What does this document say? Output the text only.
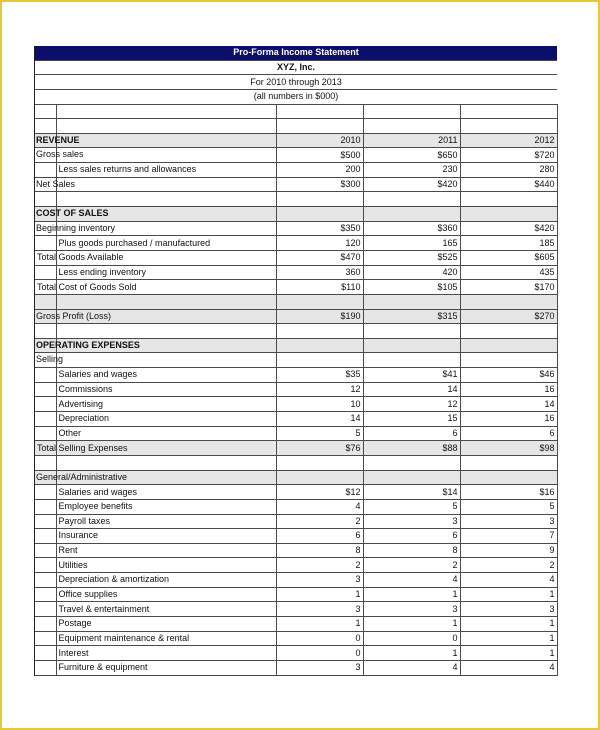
Pro-Forma Income Statement				
XYZ, Inc.				
For 2010 through 2013				
(all numbers in $000)				

REVENUE		2010	2011	2012

Gross sales		$500	$650	$720
	Less sales returns and allowances	200	230	280

Net Sales		$300	$420	$440

COST OF SALES				

Beginning inventory		$350	$360	$420
	Plus goods purchased / manufactured	120	165	185
Total	Goods Available	$470	$525	$605
	Less ending inventory	360	420	435
Total	Cost of Goods Sold	$110	$105	$170

Gross Profit (Loss)		$190	$315	$270

OPERATING EXPENSES				

Selling				

	Salaries and wages	$35	$41	$46
	Commissions	12	14	16
	Advertising	10	12	14
	Depreciation	14	15	16
	Other	5	6	6
Total	Selling Expenses	$76	$88	$98

General/Administrative				

	Salaries and wages	$12	$14	$16
	Employee benefits	4	5	5
	Payroll taxes	2	3	3
	Insurance	6	6	7
	Rent	8	8	9
	Utilities	2	2	2
	Depreciation & amortization	3	4	4
	Office supplies	1	1	1
	Travel & entertainment	3	3	3
	Postage	1	1	1
	Equipment maintenance & rental	0	0	1
	Interest	0	1	1
	Furniture & equipment	3	4	4
